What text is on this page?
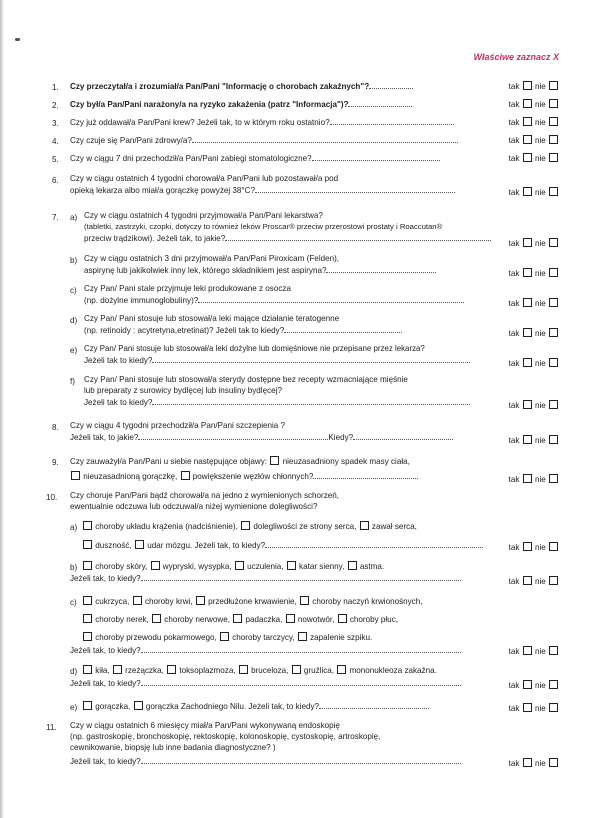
Właściwe zaznacz X
1. Czy przeczytał/a i zrozumiał/a Pan/Pani "Informację o chorobach zakaźnych"?	tak nie
2. Czy był/a Pan/Pani narażony/a na ryzyko zakażenia (patrz "Informacja")?	tak nie
3. Czy już oddawał/a Pan/Pani krew? Jeżeli tak, to w którym roku ostatnio?	tak nie
4. Czy czuje się Pan/Pani zdrowy/a?	tak nie
5. Czy w ciągu 7 dni przechodził/a Pan/Pani zabiegi stomatologiczne?	tak nie
6. Czy w ciągu ostatnich 4 tygodni chorował/a Pan/Pani lub pozostawał/a pod
opieką lekarza albo miał/a gorączkę powyżej 38°C?	tak nie
7. a) Czy w ciągu ostatnich 4 tygodni przyjmował/a Pan/Pani lekarstwa?
(tabletki, zastrzyki, czopki, dotyczy to również leków Proscar® przeciw przerostowi prostaty i Roaccutan®
przeciw trądzikowi). Jeżeli tak, to jakie?
tak nie
b) Czy w ciągu ostatnich 3 dni przyjmował/a Pan/Pani Piroxicam (Felden),
aspirynę lub jakikolwiek inny lek, którego składnikiem jest aspiryna?	tak nie
c) Czy Pan/ Pani stale przyjmuje leki produkowane z osocza
(np. dożylne immunoglobuliny)?	tak nie
d) Czy Pan/ Pani stosuje lub stosował/a leki mające działanie teratogenne
(np. retinoidy : acytretyna,etretinat)? Jeżeli tak to kiedy?	tak nie
e) Czy Pan/ Pani stosuje lub stosował/a leki dożylne lub domięśniowe nie przepisane przez lekarza?
Jeżeli tak to kiedy?	tak nie
f) Czy Pan/ Pani stosuje lub stosował/a sterydy dostępne bez recepty wzmacniające mięśnie
lub preparaty z surowicy bydlęcej lub insuliny bydlęcej?
Jeżeli tak to kiedy?	tak nie
8. Czy w ciągu 4 tygodni przechodził/a Pan/Pani szczepienia ?
Jeżeli tak, to jakie?	Kiedy?	tak nie
9. Czy zauważył/a Pan/Pani u siebie następujące objawy: nieuzasadniony spadek masy ciała,
nieuzasadnioną gorączkę, powiększenie węzłów chłonnych?	tak nie
10. Czy choruje Pan/Pani bądź chorował/a na jedno z wymienionych schorzeń,
ewentualnie odczuwa lub odczuwał/a niżej wymienione dolegliwości?
a)	choroby układu krążenia (nadciśnienie), dolegliwości ze strony serca, zawał serca,
duszność, udar mózgu. Jeżeli tak, to kiedy?	tak nie
b)	choroby skóry, wypryski, wysypka, uczulenia, katar sienny, astma.
Jeżeli tak, to kiedy?	tak nie
c)	cukrzyca, choroby krwi, przedłużone krwawienie, choroby naczyń krwionośnych,
choroby nerek, choroby nerwowe, padaczka, nowotwór, choroby płuc,
choroby przewodu pokarmowego, choroby tarczycy, zapalenie szpiku.
Jeżeli tak, to kiedy?	tak nie
d)	kiła, rzeżączka, toksoplazmoza, bruceloza, gruźlica, mononukleoza zakaźna.
Jeżeli tak, to kiedy?	tak nie
e)	gorączka, gorączka Zachodniego Nilu. Jeżeli tak, to kiedy?	tak nie
11. Czy w ciągu ostatnich 6 miesięcy miał/a Pan/Pani wykonywaną endoskopię
(np. gastroskopię, bronchoskopię, rektoskopię, kolonoskopię, cystoskopię, artroskopię,
cewnikowanie, biopsję lub inne badania diagnostyczne? )
Jeżeli tak, to kiedy?	tak nie
